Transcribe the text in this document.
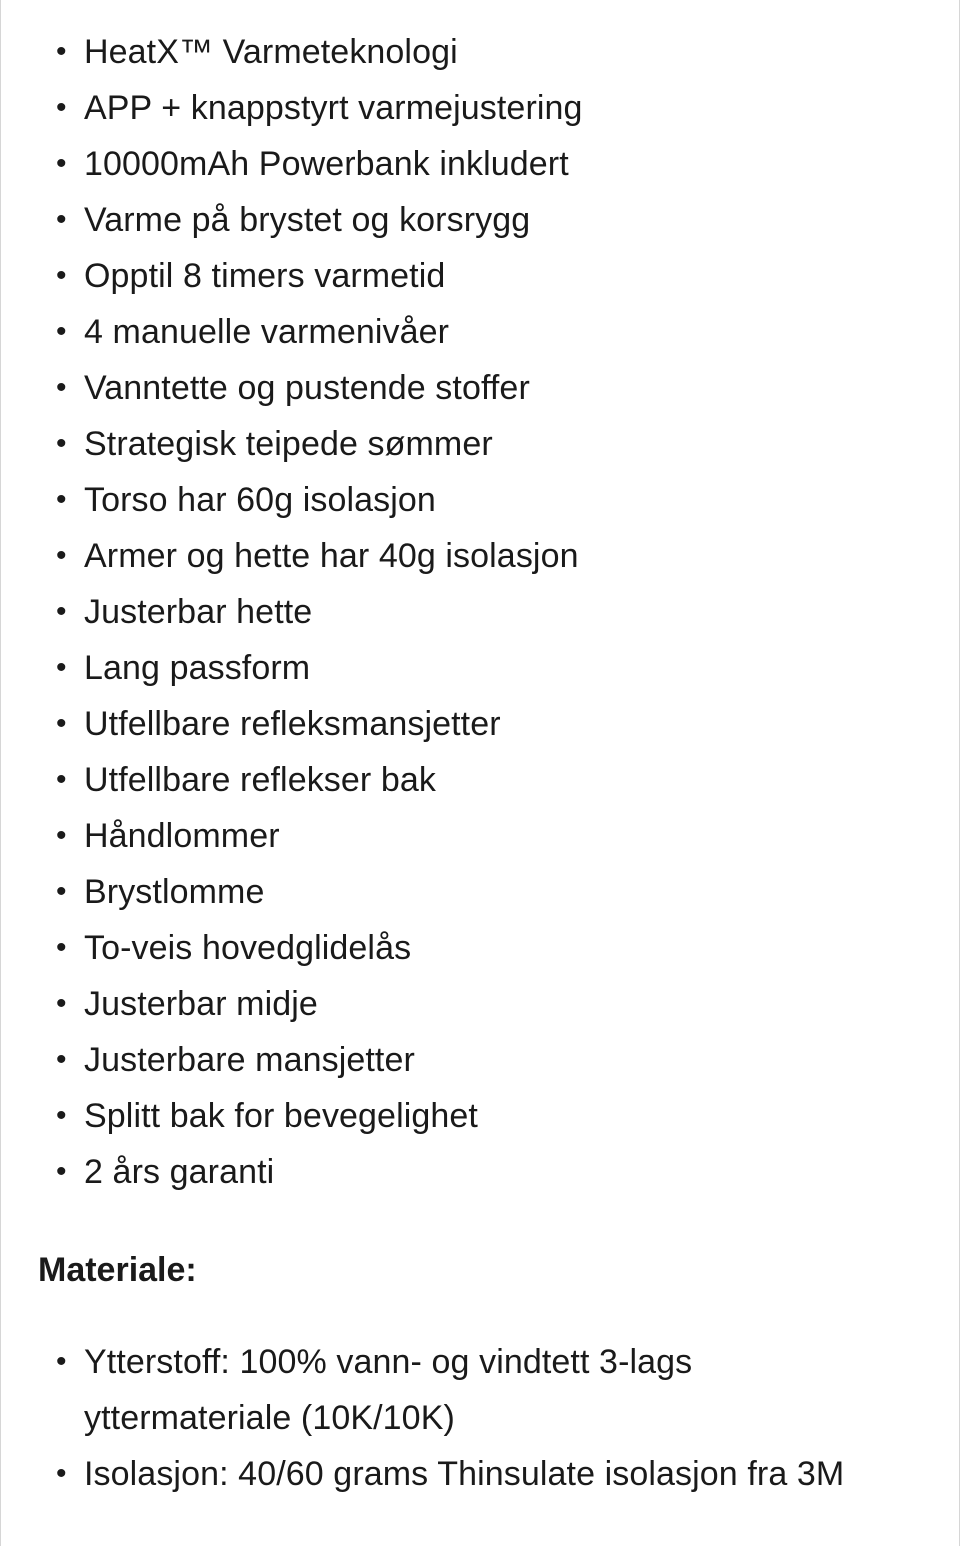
• HeatX™ Varmeteknologi
• APP + knappstyrt varmejustering
• 10000mAh Powerbank inkludert
• Varme på brystet og korsrygg
• Opptil 8 timers varmetid
• 4 manuelle varmenivåer
• Vanntette og pustende stoffer
• Strategisk teipede sømmer
• Torso har 60g isolasjon
• Armer og hette har 40g isolasjon
• Justerbar hette
• Lang passform
• Utfellbare refleksmansjetter
• Utfellbare reflekser bak
• Håndlommer
• Brystlomme
• To-veis hovedglidelås
• Justerbar midje
• Justerbare mansjetter
• Splitt bak for bevegelighet
• 2 års garanti
Materiale:
• Ytterstoff: 100% vann- og vindtett 3-lags yttermateriale (10K/10K)
• Isolasjon: 40/60 grams Thinsulate isolasjon fra 3M
